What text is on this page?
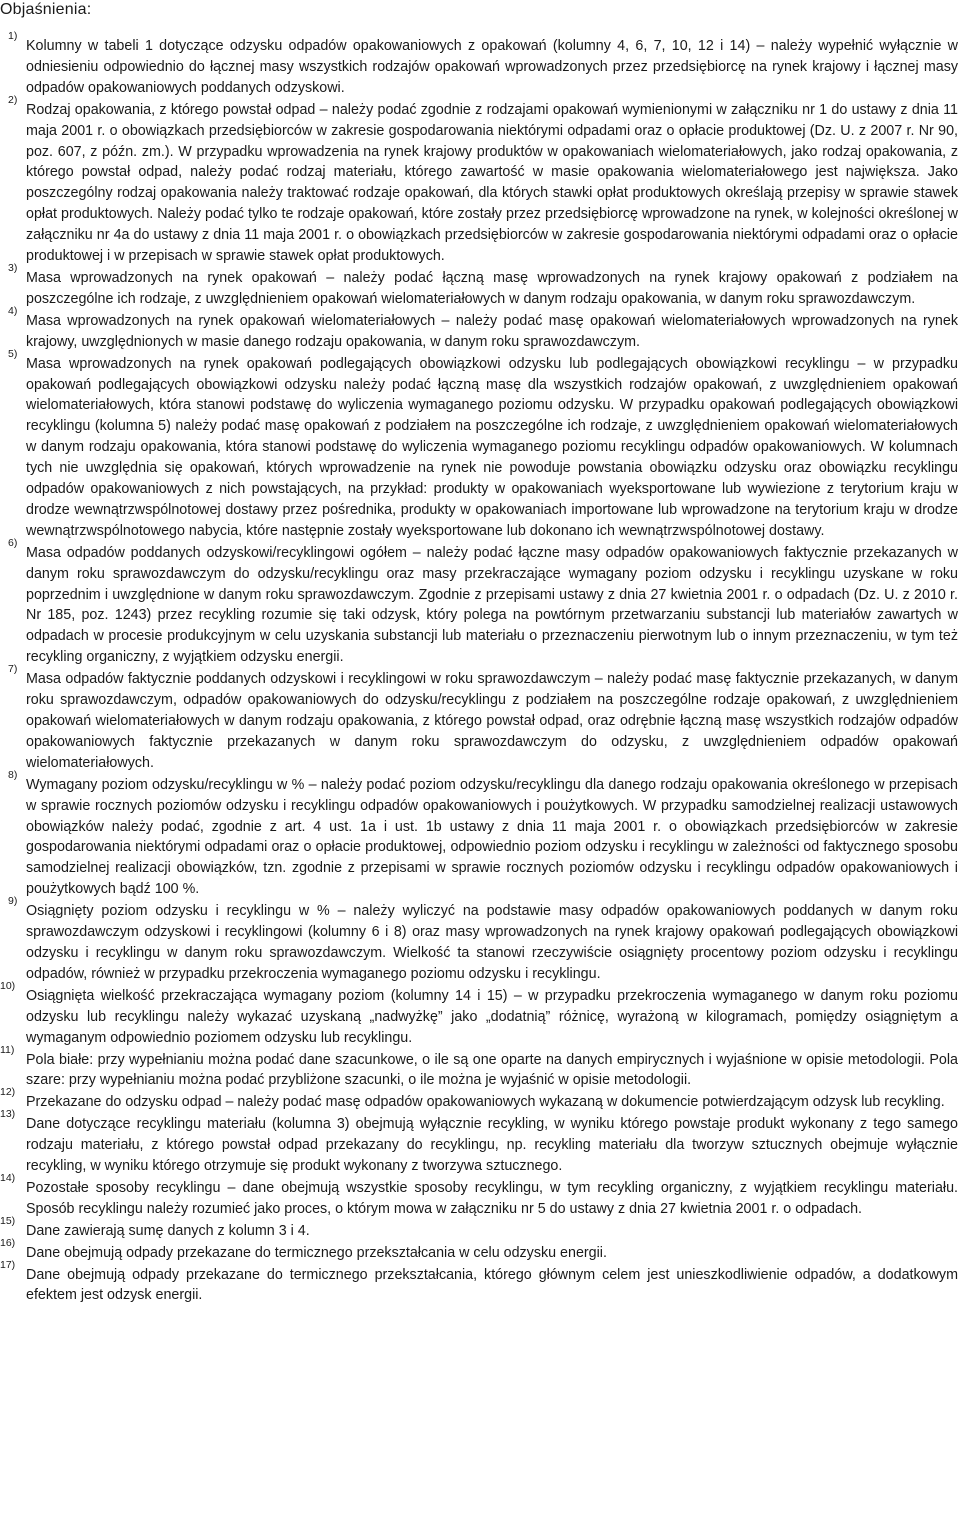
Objaśnienia:

1)
Kolumny w tabeli 1 dotyczące odzysku odpadów opakowaniowych z opakowań (kolumny 4, 6, 7, 10, 12 i 14) – należy wypełnić wyłącznie w odniesieniu odpowiednio do łącznej masy wszystkich rodzajów opakowań wprowadzonych przez przedsiębiorcę na rynek krajowy i łącznej masy odpadów opakowaniowych poddanych odzyskowi.

2)
Rodzaj opakowania, z którego powstał odpad – należy podać zgodnie z rodzajami opakowań wymienionymi w załączniku nr 1 do ustawy z dnia 11 maja 2001 r. o obowiązkach przedsiębiorców w zakresie gospodarowania niektórymi odpadami oraz o opłacie produktowej (Dz. U. z 2007 r. Nr 90, poz. 607, z późn. zm.). W przypadku wprowadzenia na rynek krajowy produktów w opakowaniach wielomateriałowych, jako rodzaj opakowania, z którego powstał odpad, należy podać rodzaj materiału, którego zawartość w masie opakowania wielomateriałowego jest największa. Jako poszczególny rodzaj opakowania należy traktować rodzaje opakowań, dla których stawki opłat produktowych określają przepisy w sprawie stawek opłat produktowych. Należy podać tylko te rodzaje opakowań, które zostały przez przedsiębiorcę wprowadzone na rynek, w kolejności określonej w załączniku nr 4a do ustawy z dnia 11 maja 2001 r. o obowiązkach przedsiębiorców w zakresie gospodarowania niektórymi odpadami oraz o opłacie produktowej i w przepisach w sprawie stawek opłat produktowych.

3)
Masa wprowadzonych na rynek opakowań – należy podać łączną masę wprowadzonych na rynek krajowy opakowań z podziałem na poszczególne ich rodzaje, z uwzględnieniem opakowań wielomateriałowych w danym rodzaju opakowania, w danym roku sprawozdawczym.

4)
Masa wprowadzonych na rynek opakowań wielomateriałowych – należy podać masę opakowań wielomateriałowych wprowadzonych na rynek krajowy, uwzględnionych w masie danego rodzaju opakowania, w danym roku sprawozdawczym.

5)
Masa wprowadzonych na rynek opakowań podlegających obowiązkowi odzysku lub podlegających obowiązkowi recyklingu – w przypadku opakowań podlegających obowiązkowi odzysku należy podać łączną masę dla wszystkich rodzajów opakowań, z uwzględnieniem opakowań wielomateriałowych, która stanowi podstawę do wyliczenia wymaganego poziomu odzysku. W przypadku opakowań podlegających obowiązkowi recyklingu (kolumna 5) należy podać masę opakowań z podziałem na poszczególne ich rodzaje, z uwzględnieniem opakowań wielomateriałowych w danym rodzaju opakowania, która stanowi podstawę do wyliczenia wymaganego poziomu recyklingu odpadów opakowaniowych. W kolumnach tych nie uwzględnia się opakowań, których wprowadzenie na rynek nie powoduje powstania obowiązku odzysku oraz obowiązku recyklingu odpadów opakowaniowych z nich powstających, na przykład: produkty w opakowaniach wyeksportowane lub wywiezione z terytorium kraju w drodze wewnątrzwspólnotowej dostawy przez pośrednika, produkty w opakowaniach importowane lub wprowadzone na terytorium kraju w drodze wewnątrzwspólnotowego nabycia, które następnie zostały wyeksportowane lub dokonano ich wewnątrzwspólnotowej dostawy.

6)
Masa odpadów poddanych odzyskowi/recyklingowi ogółem – należy podać łączne masy odpadów opakowaniowych faktycznie przekazanych w danym roku sprawozdawczym do odzysku/recyklingu oraz masy przekraczające wymagany poziom odzysku i recyklingu uzyskane w roku poprzednim i uwzględnione w danym roku sprawozdawczym. Zgodnie z przepisami ustawy z dnia 27 kwietnia 2001 r. o odpadach (Dz. U. z 2010 r. Nr 185, poz. 1243) przez recykling rozumie się taki odzysk, który polega na powtórnym przetwarzaniu substancji lub materiałów zawartych w odpadach w procesie produkcyjnym w celu uzyskania substancji lub materiału o przeznaczeniu pierwotnym lub o innym przeznaczeniu, w tym też recykling organiczny, z wyjątkiem odzysku energii.

7)
Masa odpadów faktycznie poddanych odzyskowi i recyklingowi w roku sprawozdawczym – należy podać masę faktycznie przekazanych, w danym roku sprawozdawczym, odpadów opakowaniowych do odzysku/recyklingu z podziałem na poszczególne rodzaje opakowań, z uwzględnieniem opakowań wielomateriałowych w danym rodzaju opakowania, z którego powstał odpad, oraz odrębnie łączną masę wszystkich rodzajów odpadów opakowaniowych faktycznie przekazanych w danym roku sprawozdawczym do odzysku, z uwzględnieniem odpadów opakowań wielomateriałowych.

8)
Wymagany poziom odzysku/recyklingu w % – należy podać poziom odzysku/recyklingu dla danego rodzaju opakowania określonego w przepisach w sprawie rocznych poziomów odzysku i recyklingu odpadów opakowaniowych i poużytkowych. W przypadku samodzielnej realizacji ustawowych obowiązków należy podać, zgodnie z art. 4 ust. 1a i ust. 1b ustawy z dnia 11 maja 2001 r. o obowiązkach przedsiębiorców w zakresie gospodarowania niektórymi odpadami oraz o opłacie produktowej, odpowiednio poziom odzysku i recyklingu w zależności od faktycznego sposobu samodzielnej realizacji obowiązków, tzn. zgodnie z przepisami w sprawie rocznych poziomów odzysku i recyklingu odpadów opakowaniowych i poużytkowych bądź 100 %.

9)
Osiągnięty poziom odzysku i recyklingu w % – należy wyliczyć na podstawie masy odpadów opakowaniowych poddanych w danym roku sprawozdawczym odzyskowi i recyklingowi (kolumny 6 i 8) oraz masy wprowadzonych na rynek krajowy opakowań podlegających obowiązkowi odzysku i recyklingu w danym roku sprawozdawczym. Wielkość ta stanowi rzeczywiście osiągnięty procentowy poziom odzysku i recyklingu odpadów, również w przypadku przekroczenia wymaganego poziomu odzysku i recyklingu.

10)
Osiągnięta wielkość przekraczająca wymagany poziom (kolumny 14 i 15) – w przypadku przekroczenia wymaganego w danym roku poziomu odzysku lub recyklingu należy wykazać uzyskaną „nadwyżkę” jako „dodatnią” różnicę, wyrażoną w kilogramach, pomiędzy osiągniętym a wymaganym odpowiednio poziomem odzysku lub recyklingu.

11)
Pola białe: przy wypełnianiu można podać dane szacunkowe, o ile są one oparte na danych empirycznych i wyjaśnione w opisie metodologii. Pola szare: przy wypełnianiu można podać przybliżone szacunki, o ile można je wyjaśnić w opisie metodologii.

12)
Przekazane do odzysku odpad – należy podać masę odpadów opakowaniowych wykazaną w dokumencie potwierdzającym odzysk lub recykling.

13)
Dane dotyczące recyklingu materiału (kolumna 3) obejmują wyłącznie recykling, w wyniku którego powstaje produkt wykonany z tego samego rodzaju materiału, z którego powstał odpad przekazany do recyklingu, np. recykling materiału dla tworzyw sztucznych obejmuje wyłącznie recykling, w wyniku którego otrzymuje się produkt wykonany z tworzywa sztucznego.

14)
Pozostałe sposoby recyklingu – dane obejmują wszystkie sposoby recyklingu, w tym recykling organiczny, z wyjątkiem recyklingu materiału. Sposób recyklingu należy rozumieć jako proces, o którym mowa w załączniku nr 5 do ustawy z dnia 27 kwietnia 2001 r. o odpadach.

15)
Dane zawierają sumę danych z kolumn 3 i 4.

16)
Dane obejmują odpady przekazane do termicznego przekształcania w celu odzysku energii.

17)
Dane obejmują odpady przekazane do termicznego przekształcania, którego głównym celem jest unieszkodliwienie odpadów, a dodatkowym efektem jest odzysk energii.
